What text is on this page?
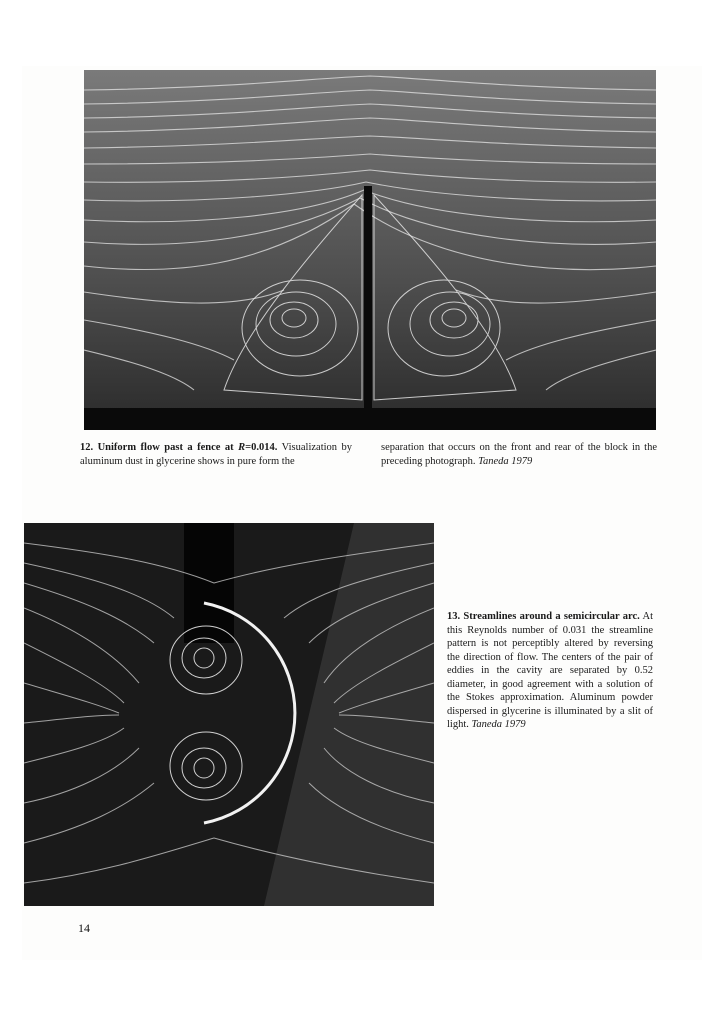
12. Uniform flow past a fence at R=0.014. Visualization by aluminum dust in glycerine shows in pure form the
separation that occurs on the front and rear of the block in the preceding photograph. Taneda 1979
13. Streamlines around a semicircular arc. At this Reynolds number of 0.031 the streamline pattern is not perceptibly altered by reversing the direction of flow. The centers of the pair of eddies in the cavity are separated by 0.52 diameter, in good agreement with a solution of the Stokes approximation. Aluminum powder dispersed in glycerine is illuminated by a slit of light. Taneda 1979
14
